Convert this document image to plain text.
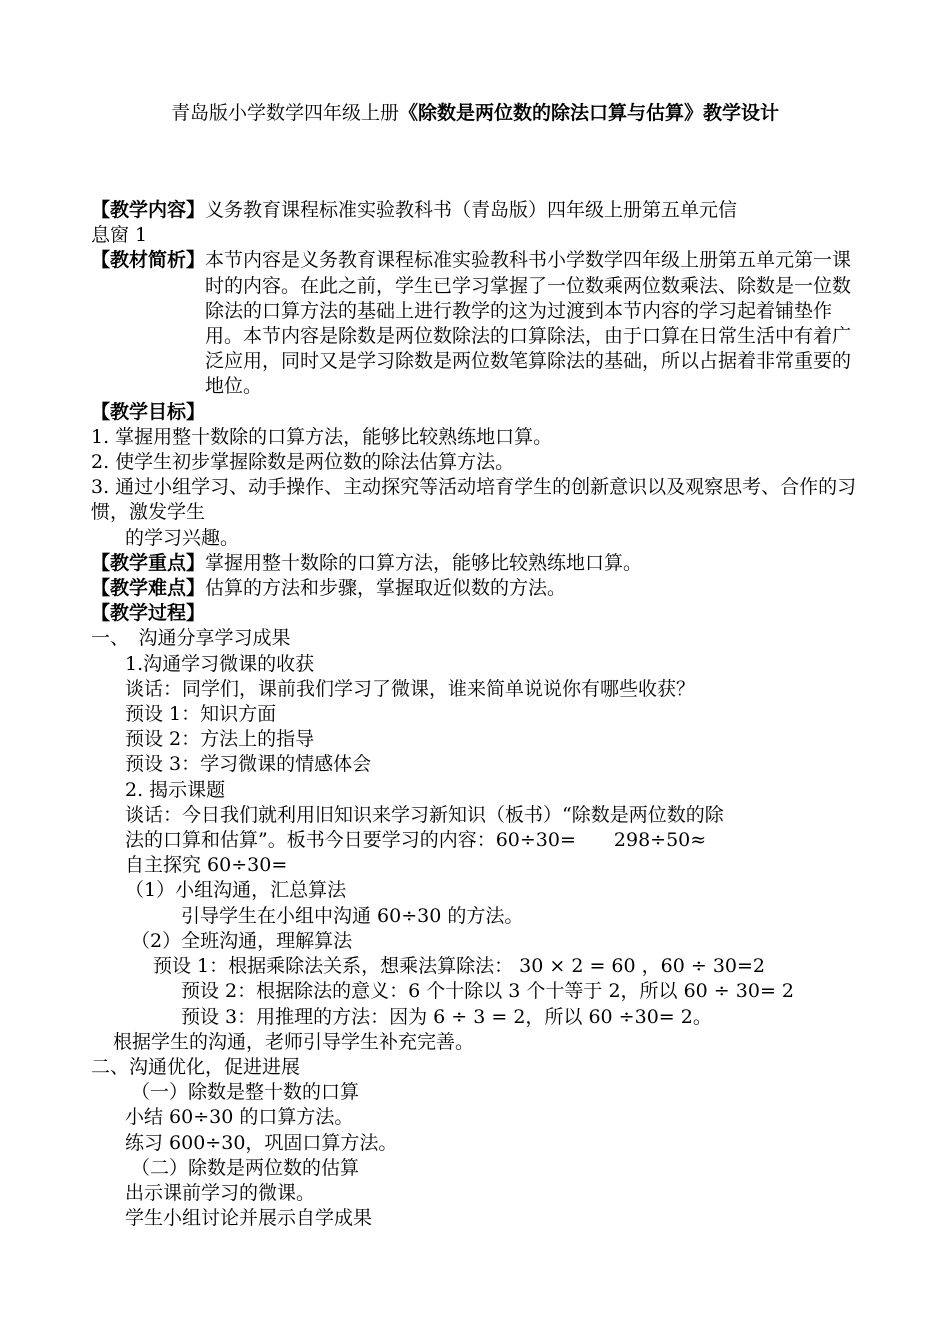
青岛版小学数学四年级上册《除数是两位数的除法口算与估算》教学设计
【教学内容】义务教育课程标准实验教科书（青岛版）四年级上册第五单元信
息窗 1
【教材简析】 本节内容是义务教育课程标准实验教科书小学数学四年级上册第五单元第一课时的内容。在此之前，学生已学习掌握了一位数乘两位数乘法、除数是一位数除法的口算方法的基础上进行教学的这为过渡到本节内容的学习起着铺垫作用。本节内容是除数是两位数除法的口算除法，由于口算在日常生活中有着广泛应用，同时又是学习除数是两位数笔算除法的基础，所以占据着非常重要的地位。
【教学目标】
1. 掌握用整十数除的口算方法，能够比较熟练地口算。
2. 使学生初步掌握除数是两位数的除法估算方法。
3. 通过小组学习、动手操作、主动探究等活动培育学生的创新意识以及观察思考、合作的习惯，激发学生
的学习兴趣。
【教学重点】掌握用整十数除的口算方法，能够比较熟练地口算。
【教学难点】估算的方法和步骤，掌握取近似数的方法。
【教学过程】
一、　沟通分享学习成果
1.沟通学习微课的收获
谈话：同学们，课前我们学习了微课，谁来简单说说你有哪些收获？
预设 1：知识方面
预设 2：方法上的指导
预设 3：学习微课的情感体会
2. 揭示课题
谈话：今日我们就利用旧知识来学习新知识（板书）“除数是两位数的除
法的口算和估算”。板书今日要学习的内容：60÷30=　　298÷50≈
自主探究 60÷30=
（1）小组沟通，汇总算法
引导学生在小组中沟通 60÷30 的方法。
（2）全班沟通，理解算法
预设 1：根据乘除法关系，想乘法算除法： 30 × 2 = 60 ，60 ÷ 30=2
预设 2：根据除法的意义：6 个十除以 3 个十等于 2，所以 60 ÷ 30= 2
预设 3：用推理的方法：因为 6 ÷ 3 = 2，所以 60 ÷30= 2。
根据学生的沟通，老师引导学生补充完善。
二、沟通优化，促进进展
（一）除数是整十数的口算
小结 60÷30 的口算方法。
练习 600÷30，巩固口算方法。
（二）除数是两位数的估算
出示课前学习的微课。
学生小组讨论并展示自学成果
